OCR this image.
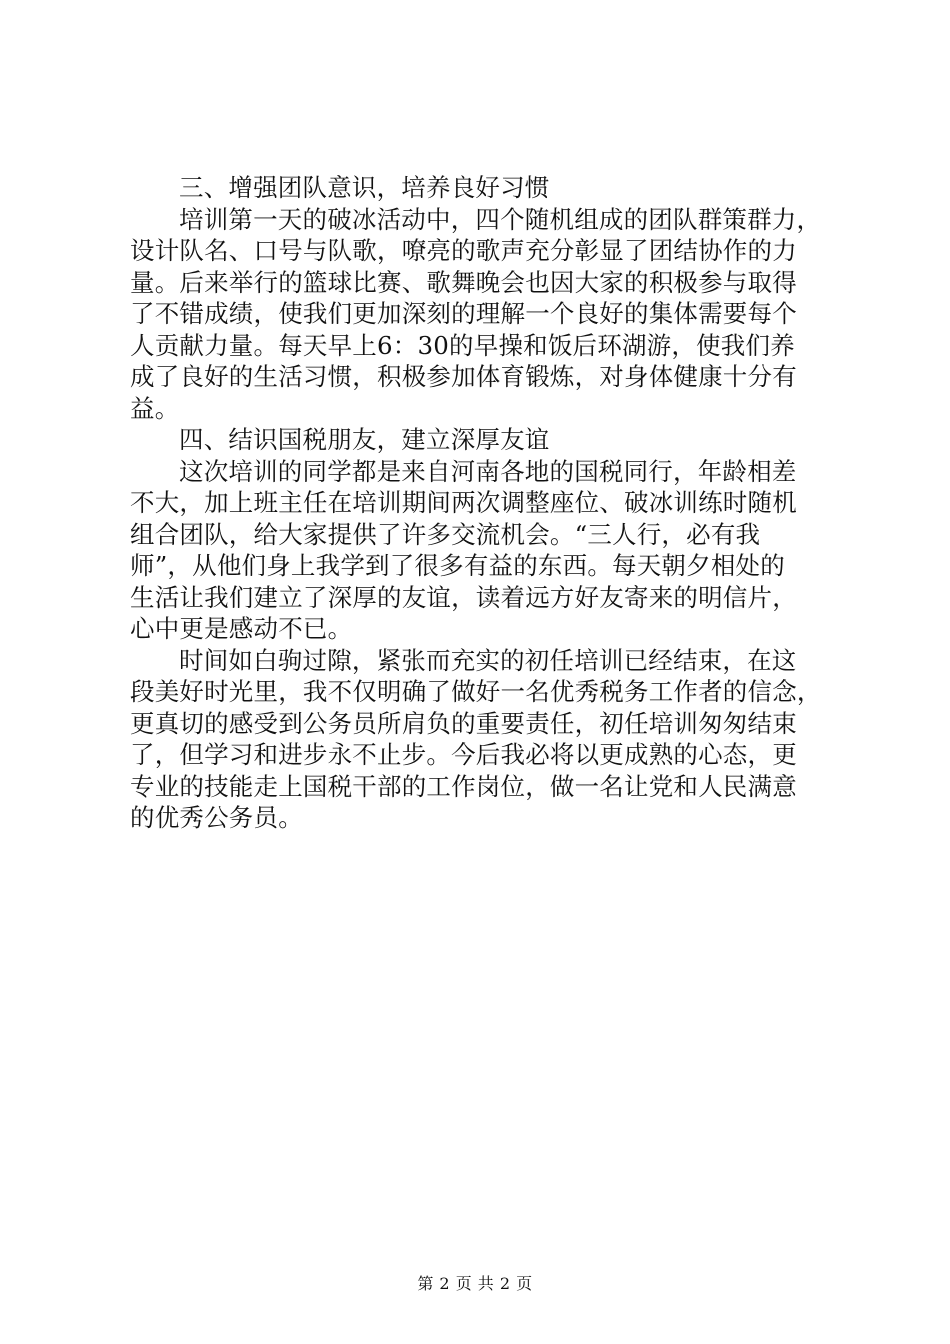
三、增强团队意识，培养良好习惯
培训第一天的破冰活动中，四个随机组成的团队群策群力，
设计队名、口号与队歌，嘹亮的歌声充分彰显了团结协作的力
量。后来举行的篮球比赛、歌舞晚会也因大家的积极参与取得
了不错成绩，使我们更加深刻的理解一个良好的集体需要每个
人贡献力量。每天早上6：30的早操和饭后环湖游，使我们养
成了良好的生活习惯，积极参加体育锻炼，对身体健康十分有
益。
四、结识国税朋友，建立深厚友谊
这次培训的同学都是来自河南各地的国税同行，年龄相差
不大，加上班主任在培训期间两次调整座位、破冰训练时随机
组合团队，给大家提供了许多交流机会。“三人行，必有我
师”，从他们身上我学到了很多有益的东西。每天朝夕相处的
生活让我们建立了深厚的友谊，读着远方好友寄来的明信片，
心中更是感动不已。
时间如白驹过隙，紧张而充实的初任培训已经结束，在这
段美好时光里，我不仅明确了做好一名优秀税务工作者的信念，
更真切的感受到公务员所肩负的重要责任，初任培训匆匆结束
了，但学习和进步永不止步。今后我必将以更成熟的心态，更
专业的技能走上国税干部的工作岗位，做一名让党和人民满意
的优秀公务员。
第 2 页 共 2 页
